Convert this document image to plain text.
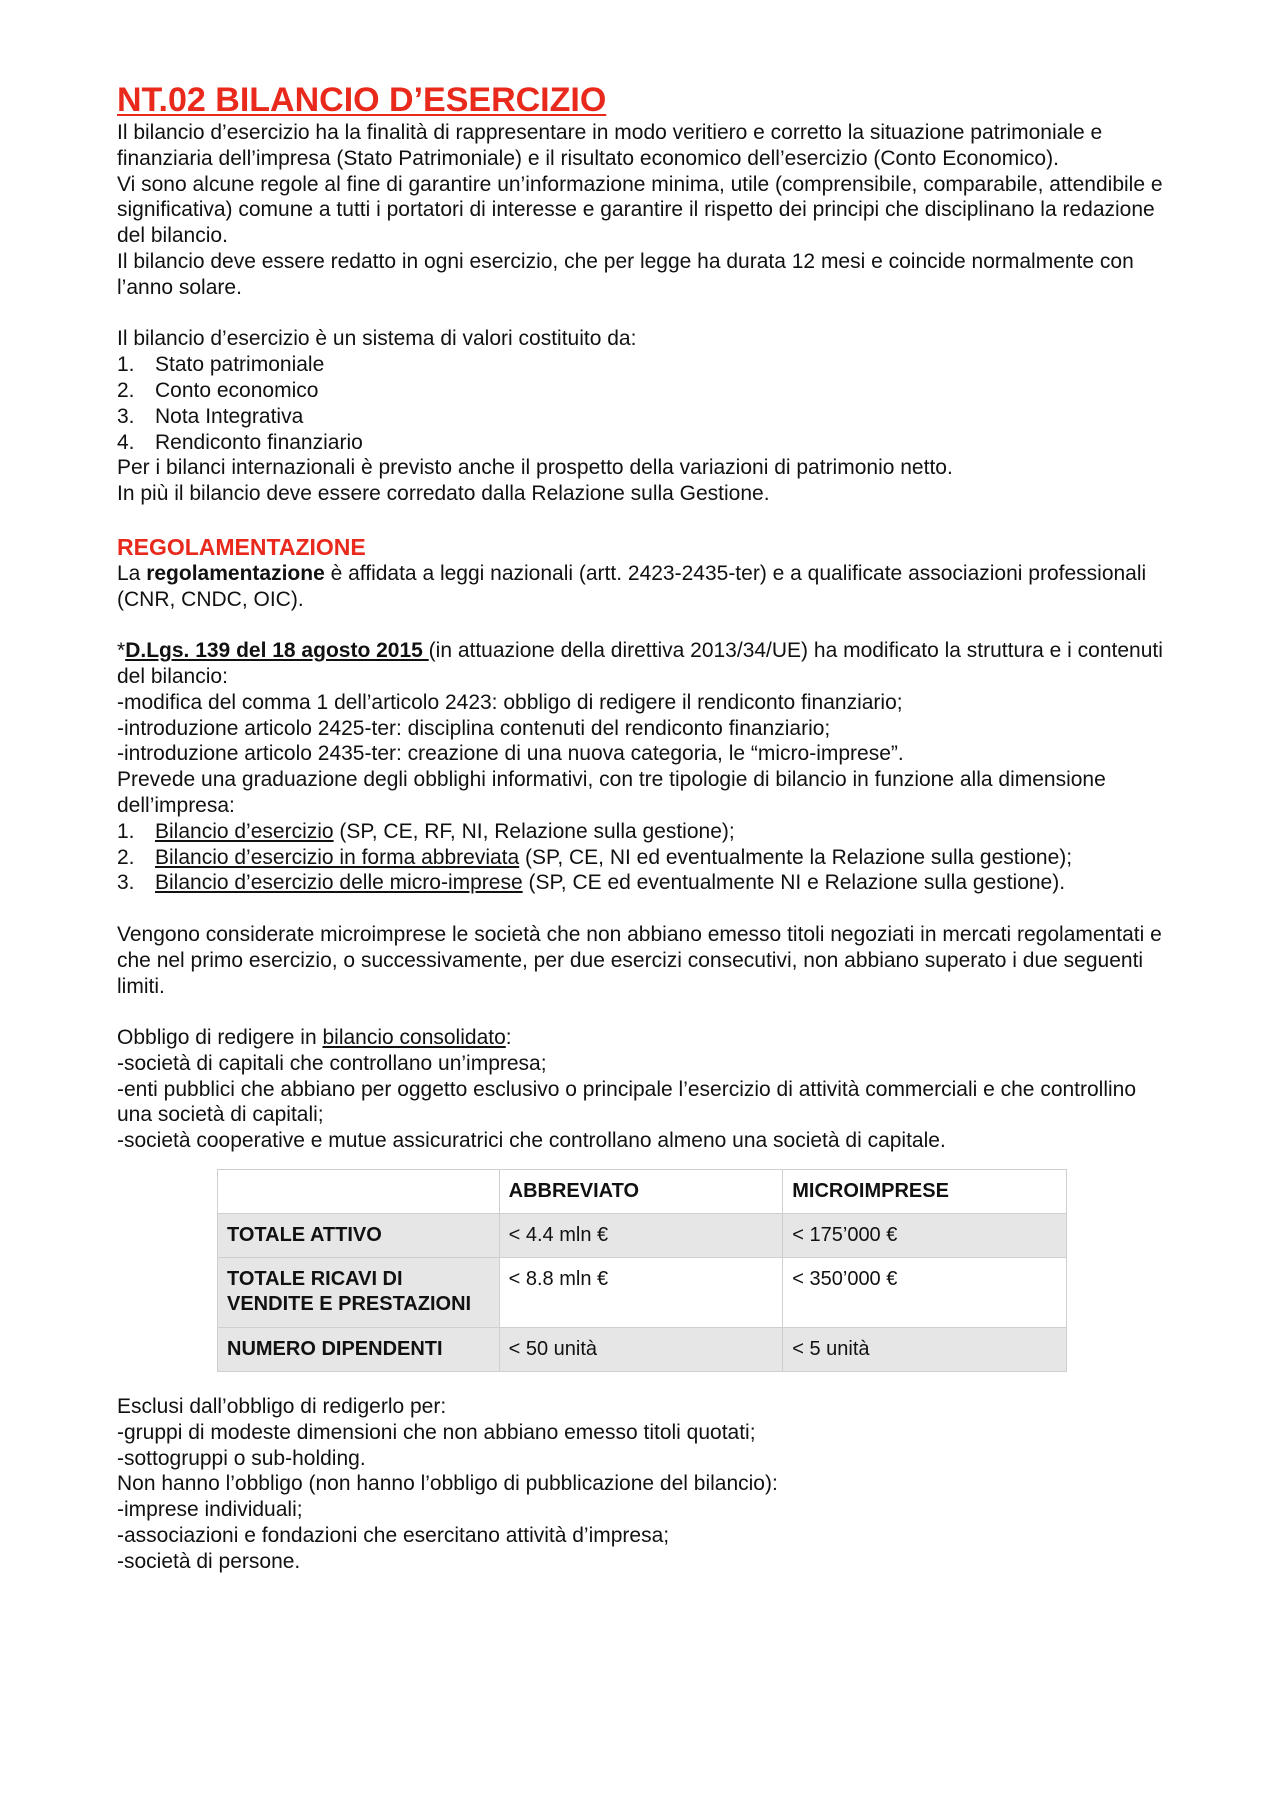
NT.02 BILANCIO D’ESERCIZIO

Il bilancio d’esercizio ha la finalità di rappresentare in modo veritiero e corretto la situazione patrimoniale e finanziaria dell’impresa (Stato Patrimoniale) e il risultato economico dell’esercizio (Conto Economico).

Vi sono alcune regole al fine di garantire un’informazione minima, utile (comprensibile, comparabile, attendibile e significativa) comune a tutti i portatori di interesse e garantire il rispetto dei principi che disciplinano la redazione del bilancio.

Il bilancio deve essere redatto in ogni esercizio, che per legge ha durata 12 mesi e coincide normalmente con l’anno solare.

Il bilancio d’esercizio è un sistema di valori costituito da:

1. Stato patrimoniale
2. Conto economico
3. Nota Integrativa
4. Rendiconto finanziario

Per i bilanci internazionali è previsto anche il prospetto della variazioni di patrimonio netto.

In più il bilancio deve essere corredato dalla Relazione sulla Gestione.

REGOLAMENTAZIONE

La regolamentazione è affidata a leggi nazionali (artt. 2423-2435-ter) e a qualificate associazioni professionali (CNR, CNDC, OIC).

*D.Lgs. 139 del 18 agosto 2015 (in attuazione della direttiva 2013/34/UE) ha modificato la struttura e i contenuti del bilancio:

-modifica del comma 1 dell’articolo 2423: obbligo di redigere il rendiconto finanziario;

-introduzione articolo 2425-ter: disciplina contenuti del rendiconto finanziario;

-introduzione articolo 2435-ter: creazione di una nuova categoria, le “micro-imprese”.

Prevede una graduazione degli obblighi informativi, con tre tipologie di bilancio in funzione alla dimensione dell’impresa:

1. Bilancio d’esercizio (SP, CE, RF, NI, Relazione sulla gestione);
2. Bilancio d’esercizio in forma abbreviata (SP, CE, NI ed eventualmente la Relazione sulla gestione);
3. Bilancio d’esercizio delle micro-imprese (SP, CE ed eventualmente NI e Relazione sulla gestione).

Vengono considerate microimprese le società che non abbiano emesso titoli negoziati in mercati regolamentati e che nel primo esercizio, o successivamente, per due esercizi consecutivi, non abbiano superato i due seguenti limiti.

Obbligo di redigere in bilancio consolidato:

-società di capitali che controllano un’impresa;

-enti pubblici che abbiano per oggetto esclusivo o principale l’esercizio di attività commerciali e che controllino una società di capitali;

-società cooperative e mutue assicuratrici che controllano almeno una società di capitale.

	ABBREVIATO	MICROIMPRESE
TOTALE ATTIVO	< 4.4 mln €	< 175’000 €
TOTALE RICAVI DI VENDITE E PRESTAZIONI	< 8.8 mln €	< 350’000 €
NUMERO DIPENDENTI	< 50 unità	< 5 unità

Esclusi dall’obbligo di redigerlo per:

-gruppi di modeste dimensioni che non abbiano emesso titoli quotati;

-sottogruppi o sub-holding.

Non hanno l’obbligo (non hanno l’obbligo di pubblicazione del bilancio):

-imprese individuali;

-associazioni e fondazioni che esercitano attività d’impresa;

-società di persone.
